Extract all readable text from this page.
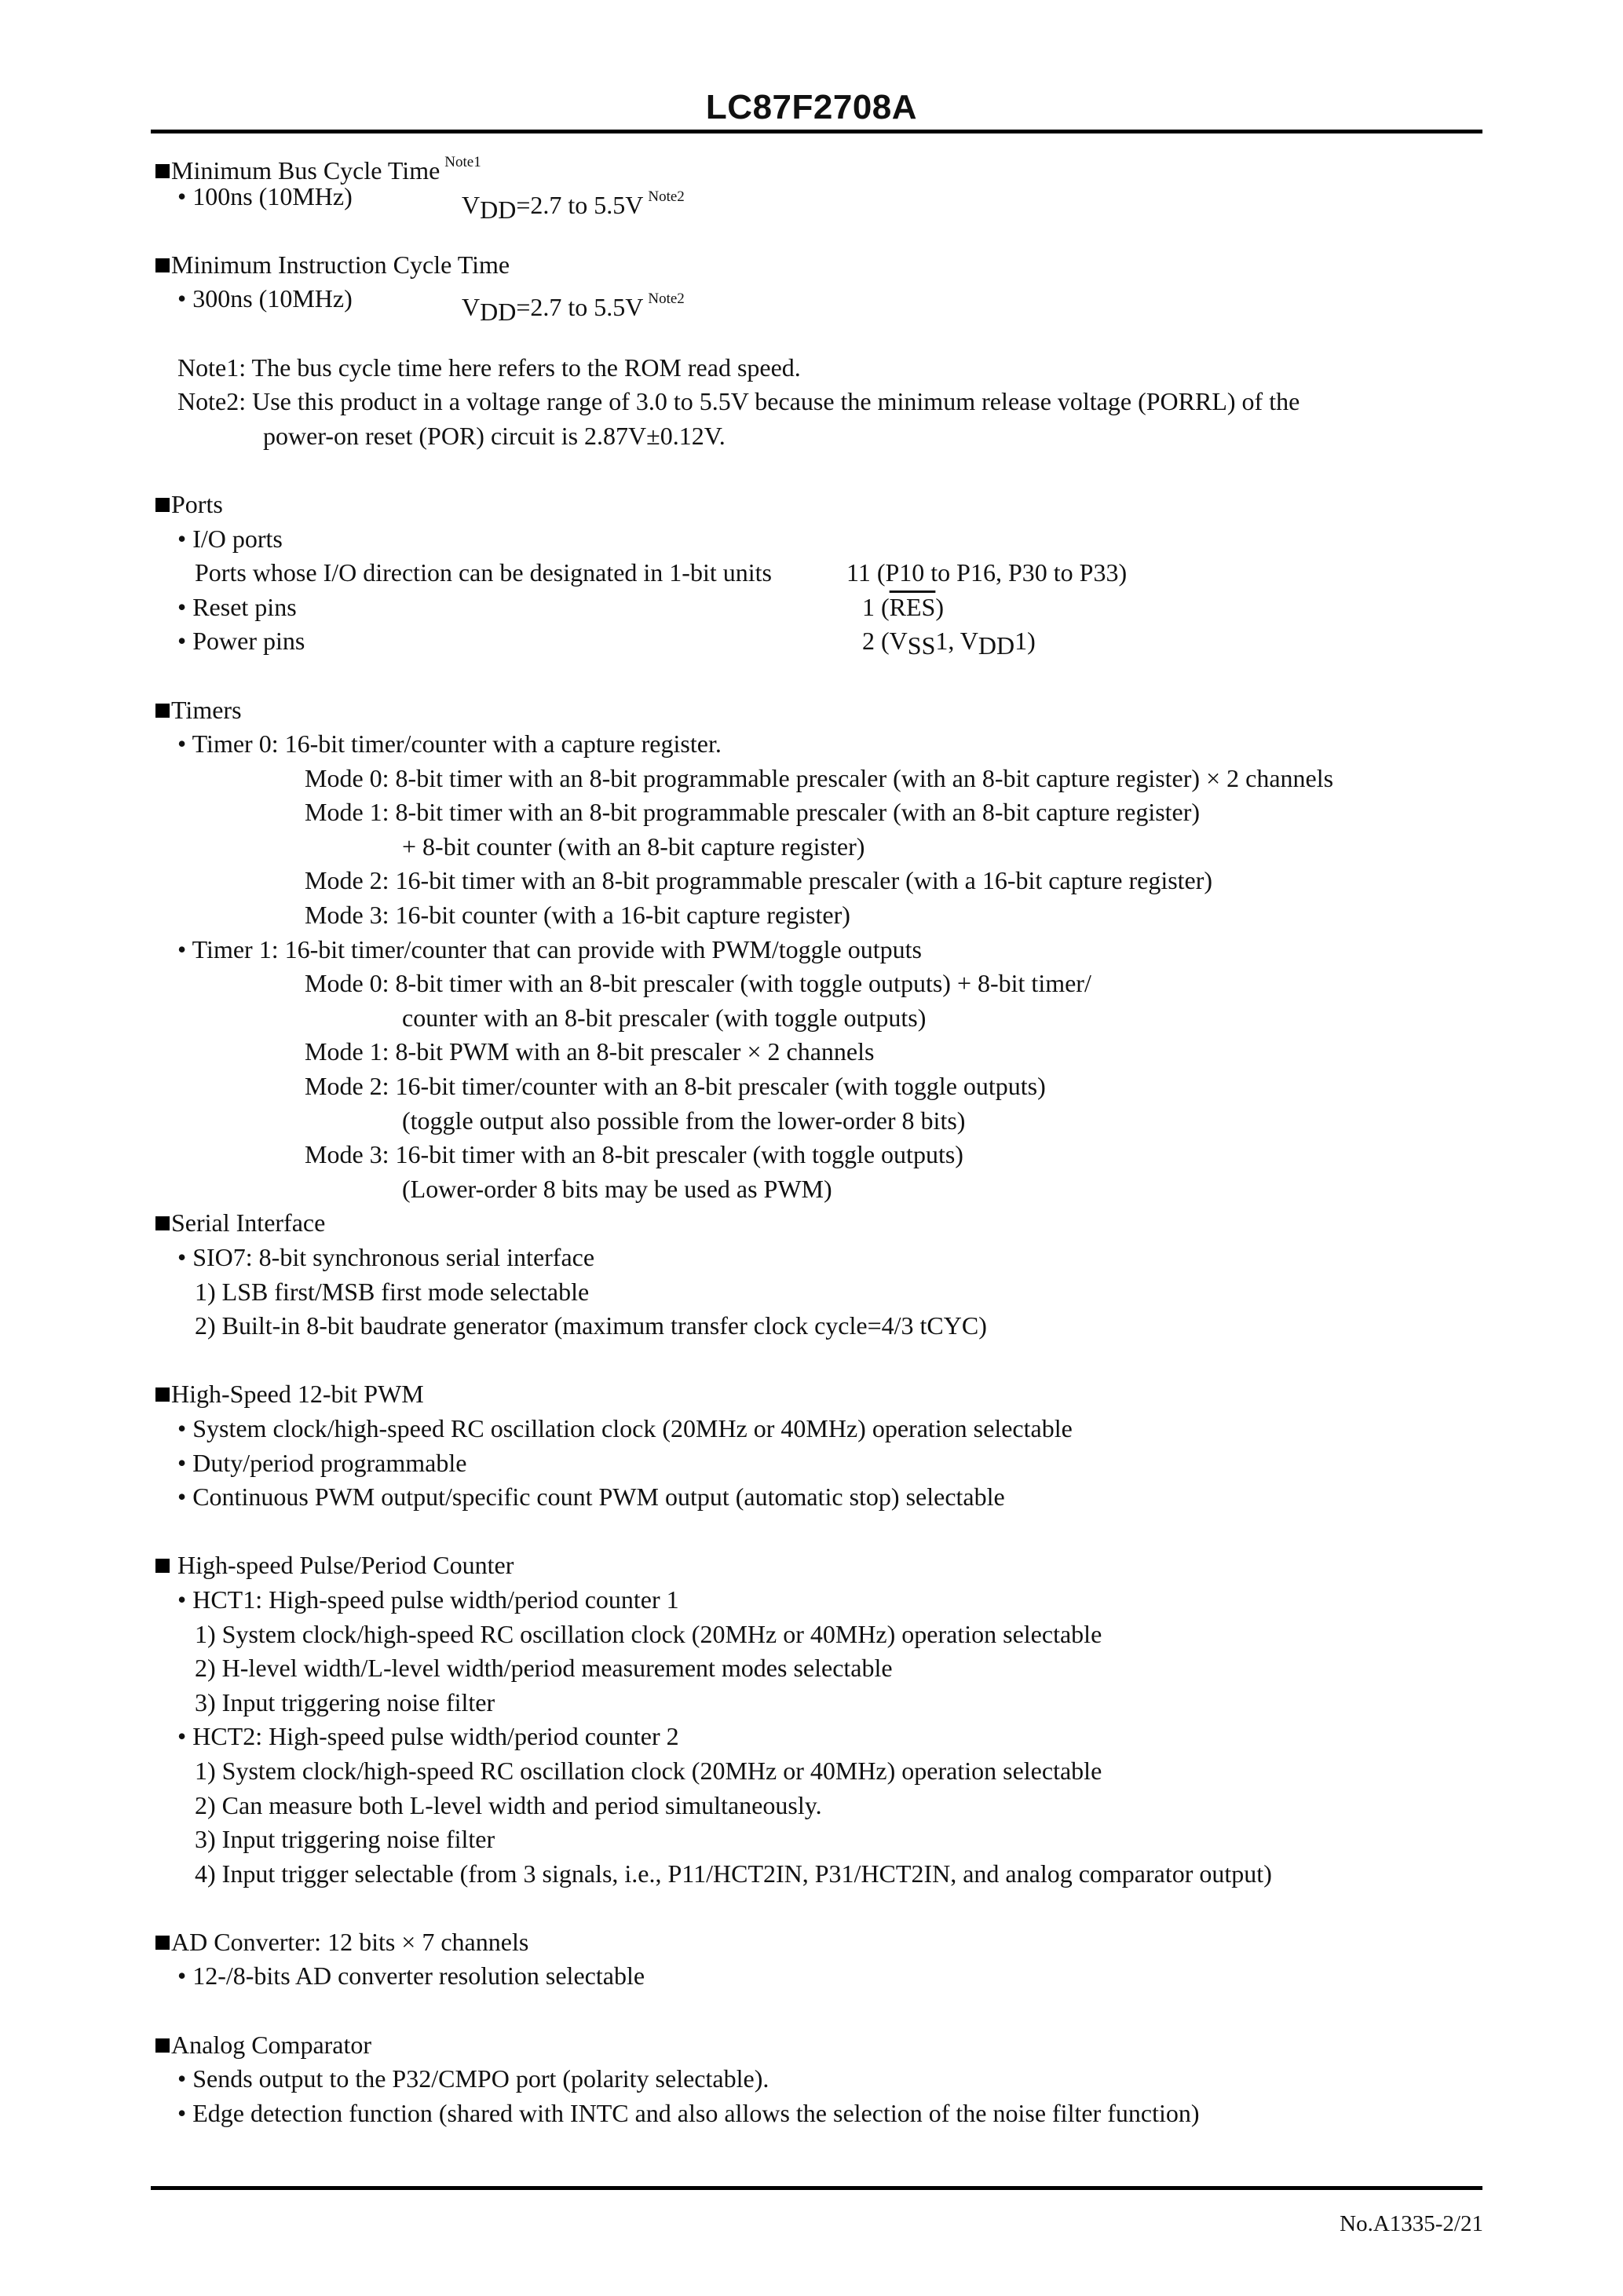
LC87F2708A
Minimum Bus Cycle Time $^{Note1}$
• 100ns (10MHz)	$V_{DD}=2.7$ to 5.5V $^{Note2}$
Minimum Instruction Cycle Time
• 300ns (10MHz)	$V_{DD}=2.7$ to 5.5V $^{Note2}$
Note1: The bus cycle time here refers to the ROM read speed.
Note2: Use this product in a voltage range of 3.0 to 5.5V because the minimum release voltage (PORRL) of the
power-on reset (POR) circuit is 2.87V±0.12V.
Ports
• I/O ports
Ports whose I/O direction can be designated in 1-bit units	11 (P10 to P16, P30 to P33)
• Reset pins	1 $(\overline{RES})$
• Power pins	2 ($V_{SS}1$, $V_{DD}1$)
Timers
• Timer 0: 16-bit timer/counter with a capture register.
Mode 0: 8-bit timer with an 8-bit programmable prescaler (with an 8-bit capture register) × 2 channels
Mode 1: 8-bit timer with an 8-bit programmable prescaler (with an 8-bit capture register)
+ 8-bit counter (with an 8-bit capture register)
Mode 2: 16-bit timer with an 8-bit programmable prescaler (with a 16-bit capture register)
Mode 3: 16-bit counter (with a 16-bit capture register)
• Timer 1: 16-bit timer/counter that can provide with PWM/toggle outputs
Mode 0: 8-bit timer with an 8-bit prescaler (with toggle outputs) + 8-bit timer/
counter with an 8-bit prescaler (with toggle outputs)
Mode 1: 8-bit PWM with an 8-bit prescaler × 2 channels
Mode 2: 16-bit timer/counter with an 8-bit prescaler (with toggle outputs)
(toggle output also possible from the lower-order 8 bits)
Mode 3: 16-bit timer with an 8-bit prescaler (with toggle outputs)
(Lower-order 8 bits may be used as PWM)
Serial Interface
• SIO7: 8-bit synchronous serial interface
1) LSB first/MSB first mode selectable
2) Built-in 8-bit baudrate generator (maximum transfer clock cycle=4/3 tCYC)
High-Speed 12-bit PWM
• System clock/high-speed RC oscillation clock (20MHz or 40MHz) operation selectable
• Duty/period programmable
• Continuous PWM output/specific count PWM output (automatic stop) selectable
High-speed Pulse/Period Counter
• HCT1: High-speed pulse width/period counter 1
1) System clock/high-speed RC oscillation clock (20MHz or 40MHz) operation selectable
2) H-level width/L-level width/period measurement modes selectable
3) Input triggering noise filter
• HCT2: High-speed pulse width/period counter 2
1) System clock/high-speed RC oscillation clock (20MHz or 40MHz) operation selectable
2) Can measure both L-level width and period simultaneously.
3) Input triggering noise filter
4) Input trigger selectable (from 3 signals, i.e., P11/HCT2IN, P31/HCT2IN, and analog comparator output)
AD Converter: 12 bits × 7 channels
• 12-/8-bits AD converter resolution selectable
Analog Comparator
• Sends output to the P32/CMPO port (polarity selectable).
• Edge detection function (shared with INTC and also allows the selection of the noise filter function)
No.A1335-2/21
